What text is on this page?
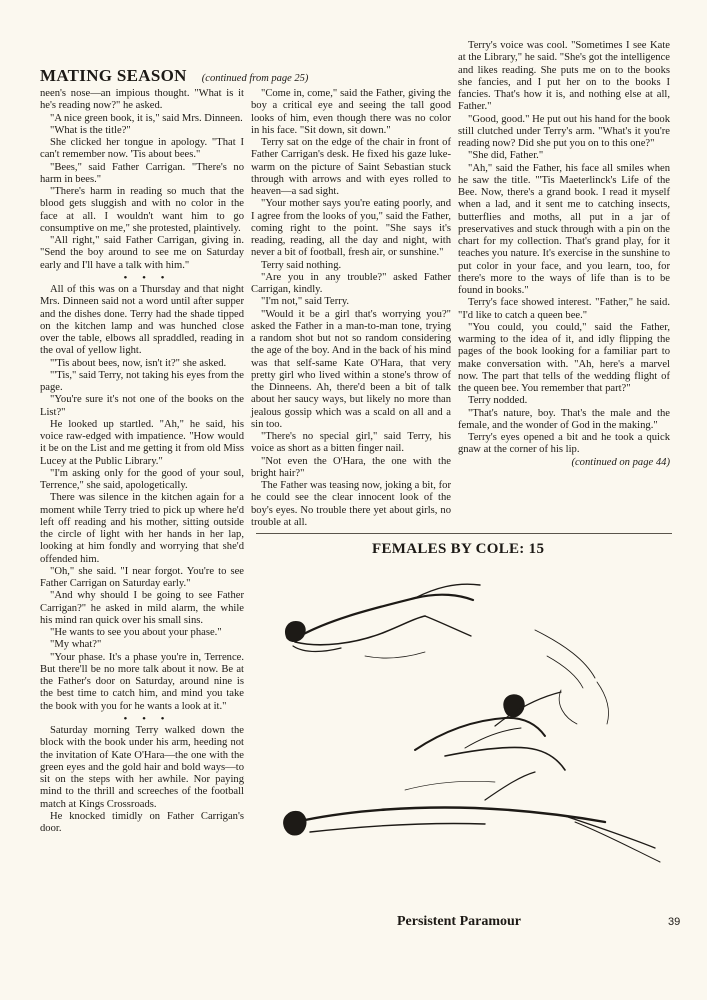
MATING SEASON (continued from page 25)

neen's nose—an impious thought. "What is it he's reading now?" he asked.

"A nice green book, it is," said Mrs. Dinneen.

"What is the title?"

She clicked her tongue in apology. "That I can't remember now. 'Tis about bees."

"Bees," said Father Carrigan. "There's no harm in bees."

"There's harm in reading so much that the blood gets sluggish and with no color in the face at all. I wouldn't want him to go consumptive on me," she protested, plaintively.

"All right," said Father Carrigan, giving in. "Send the boy around to see me on Saturday early and I'll have a talk with him."

• • •

All of this was on a Thursday and that night Mrs. Dinneen said not a word until after supper and the dishes done. Terry had the shade tipped on the kitchen lamp and was hunched close over the table, elbows all spraddled, reading in the oval of yellow light.

"'Tis about bees, now, isn't it?" she asked.

"'Tis," said Terry, not taking his eyes from the page.

"You're sure it's not one of the books on the List?"

He looked up startled. "Ah," he said, his voice raw-edged with impatience. "How would it be on the List and me getting it from old Miss Lucey at the Public Library."

"I'm asking only for the good of your soul, Terrence," she said, apologetically.

There was silence in the kitchen again for a moment while Terry tried to pick up where he'd left off reading and his mother, sitting outside the circle of light with her hands in her lap, looking at him fondly and worrying that she'd offended him.

"Oh," she said. "I near forgot. You're to see Father Carrigan on Saturday early."

"And why should I be going to see Father Carrigan?" he asked in mild alarm, the while his mind ran quick over his small sins.

"He wants to see you about your phase."

"My what?"

"Your phase. It's a phase you're in, Terrence. But there'll be no more talk about it now. Be at the Father's door on Saturday, around nine is the best time to catch him, and mind you take the book with you for he wants a look at it."

• • •

Saturday morning Terry walked down the block with the book under his arm, heeding not the invitation of Kate O'Hara—the one with the green eyes and the gold hair and bold ways—to sit on the steps with her awhile. Nor paying mind to the thrill and screeches of the football match at Kings Crossroads.

He knocked timidly on Father Carrigan's door.

"Come in, come," said the Father, giving the boy a critical eye and seeing the tall good looks of him, even though there was no color in his face. "Sit down, sit down."

Terry sat on the edge of the chair in front of Father Carrigan's desk. He fixed his gaze luke-warm on the picture of Saint Sebastian stuck through with arrows and with eyes rolled to heaven—a sad sight.

"Your mother says you're eating poorly, and I agree from the looks of you," said the Father, coming right to the point. "She says it's reading, reading, all the day and night, with never a bit of football, fresh air, or sunshine."

Terry said nothing.

"Are you in any trouble?" asked Father Carrigan, kindly.

"I'm not," said Terry.

"Would it be a girl that's worrying you?" asked the Father in a man-to-man tone, trying a random shot but not so random considering the age of the boy. And in the back of his mind was that self-same Kate O'Hara, that very pretty girl who lived within a stone's throw of the Dinneens. Ah, there'd been a bit of talk about her saucy ways, but likely no more than jealous gossip which was a scald on all and a sin too.

"There's no special girl," said Terry, his voice as short as a bitten finger nail.

"Not even the O'Hara, the one with the bright hair?"

The Father was teasing now, joking a bit, for he could see the clear innocent look of the boy's eyes. No trouble there yet about girls, no trouble at all.

Terry's voice was cool. "Sometimes I see Kate at the Library," he said. "She's got the intelligence and likes reading. She puts me on to the books she fancies, and I put her on to the books I fancies. That's how it is, and nothing else at all, Father."

"Good, good." He put out his hand for the book still clutched under Terry's arm. "What's it you're reading now? Did she put you on to this one?"

"She did, Father."

"Ah," said the Father, his face all smiles when he saw the title. "'Tis Maeterlinck's Life of the Bee. Now, there's a grand book. I read it myself when a lad, and it sent me to catching insects, butterflies and moths, all put in a jar of preservatives and stuck through with a pin on the chart for my collection. That's grand play, for it teaches you nature. It's exercise in the sunshine to put color in your face, and you learn, too, for there's more to the ways of life than is to be found in books."

Terry's face showed interest. "Father," he said. "I'd like to catch a queen bee."

"You could, you could," said the Father, warming to the idea of it, and idly flipping the pages of the book looking for a familiar part to make conversation with. "Ah, here's a marvel now. The part that tells of the wedding flight of the queen bee. You remember that part?"

Terry nodded.

"That's nature, boy. That's the male and the female, and the wonder of God in the making."

Terry's eyes opened a bit and he took a quick gnaw at the corner of his lip.

(continued on page 44)

FEMALES BY COLE: 15
Persistent Paramour	39
